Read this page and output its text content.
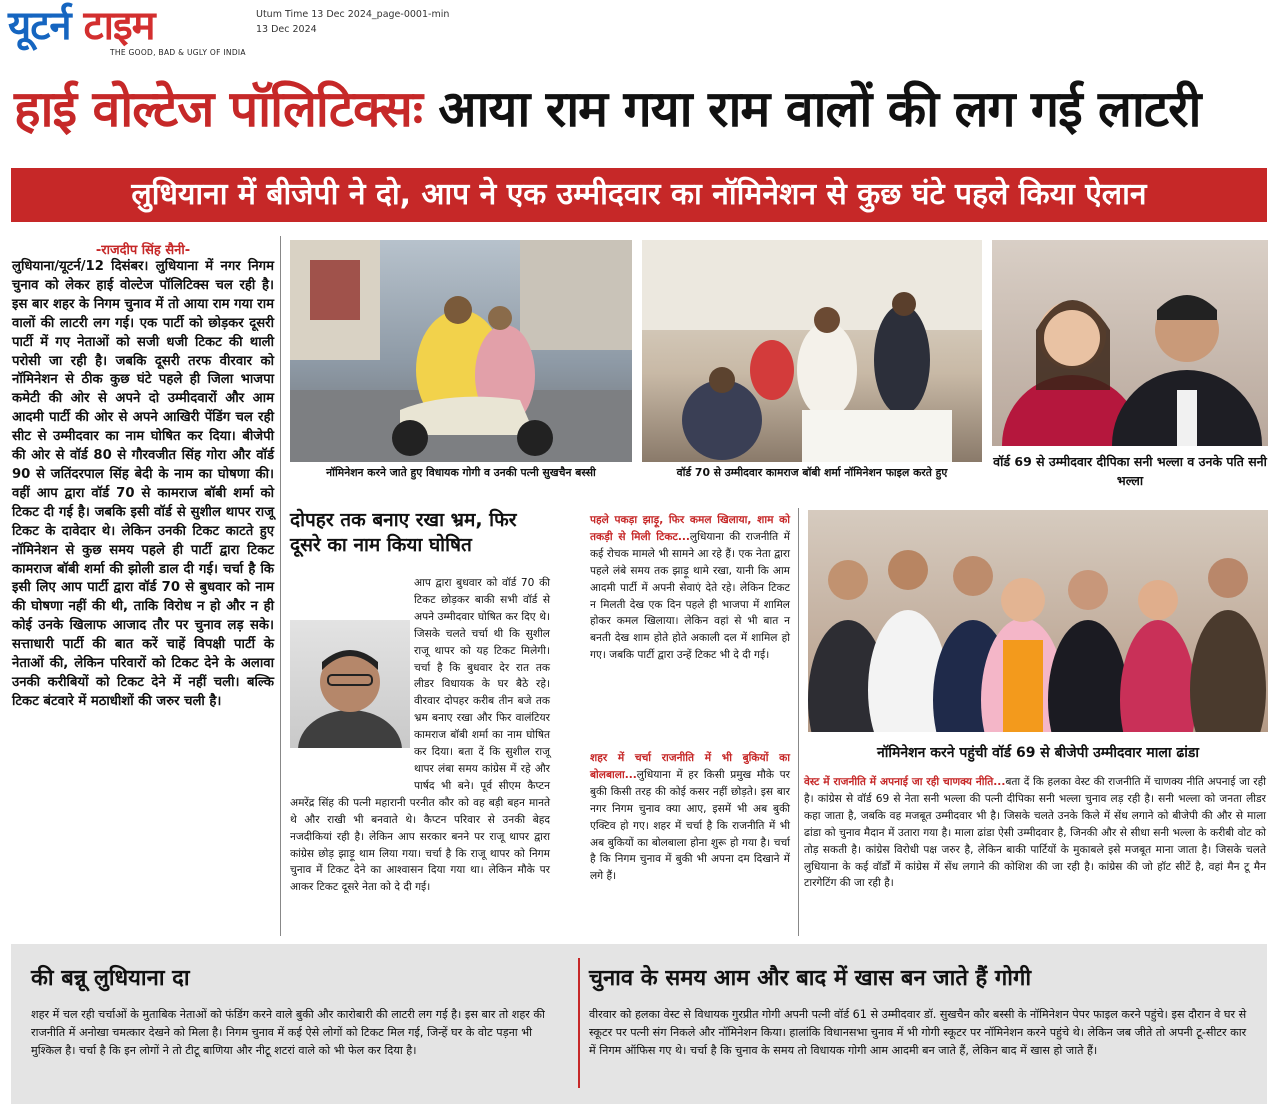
यूटर्न टाइम
THE GOOD, BAD & UGLY OF INDIA
Utum Time 13 Dec 2024_page-0001-min
13 Dec 2024
हाई वोल्टेज पॉलिटिक्सः आया राम गया राम वालों की लग गई लाटरी
लुधियाना में बीजेपी ने दो, आप ने एक उम्मीदवार का नॉमिनेशन से कुछ घंटे पहले किया ऐलान
-राजदीप सिंह सैनी-
लुधियाना/यूटर्न/12 दिसंबर। लुधियाना में नगर निगम चुनाव को लेकर हाई वोल्टेज पॉलिटिक्स चल रही है। इस बार शहर के निगम चुनाव में तो आया राम गया राम वालों की लाटरी लग गई। एक पार्टी को छोड़कर दूसरी पार्टी में गए नेताओं को सजी धजी टिकट की थाली परोसी जा रही है। जबकि दूसरी तरफ वीरवार को नॉमिनेशन से ठीक कुछ घंटे पहले ही जिला भाजपा कमेटी की ओर से अपने दो उम्मीदवारों और आम आदमी पार्टी की ओर से अपने आखिरी पेंडिंग चल रही सीट से उम्मीदवार का नाम घोषित कर दिया। बीजेपी की ओर से वॉर्ड 80 से गौरवजीत सिंह गोरा और वॉर्ड 90 से जतिंदरपाल सिंह बेदी के नाम का घोषणा की। वहीं आप द्वारा वॉर्ड 70 से कामराज बॉबी शर्मा को टिकट दी गई है। जबकि इसी वॉर्ड से सुशील थापर राजू टिकट के दावेदार थे। लेकिन उनकी टिकट काटते हुए नॉमिनेशन से कुछ समय पहले ही पार्टी द्वारा टिकट कामराज बॉबी शर्मा की झोली डाल दी गई। चर्चा है कि इसी लिए आप पार्टी द्वारा वॉर्ड 70 से बुधवार को नाम की घोषणा नहीं की थी, ताकि विरोध न हो और न ही कोई उनके खिलाफ आजाद तौर पर चुनाव लड़ सके। सत्ताधारी पार्टी की बात करें चाहें विपक्षी पार्टी के नेताओं की, लेकिन परिवारों को टिकट देने के अलावा उनकी करीबियों को टिकट देने में नहीं चली। बल्कि टिकट बंटवारे में मठाधीशों की जरुर चली है।
नॉमिनेशन करने जाते हुए विधायक गोगी व उनकी पत्नी सुखचैन बस्सी	वॉर्ड 70 से उम्मीदवार कामराज बॉबी शर्मा नॉमिनेशन फाइल करते हुए
वॉर्ड 69 से उम्मीदवार दीपिका सनी भल्ला व उनके पति सनी भल्ला
दोपहर तक बनाए रखा भ्रम, फिर दूसरे का नाम किया घोषित
आप द्वारा बुधवार को वॉर्ड 70 की टिकट छोड़कर बाकी सभी वॉर्ड से अपने उम्मीदवार घोषित कर दिए थे। जिसके चलते चर्चा थी कि सुशील राजू थापर को यह टिकट मिलेगी। चर्चा है कि बुधवार देर रात तक लीडर विधायक के घर बैठे रहे। वीरवार दोपहर करीब तीन बजे तक भ्रम बनाए रखा और फिर वालंटियर कामराज बॉबी शर्मा का नाम घोषित कर दिया। बता दें कि सुशील राजू थापर लंबा समय कांग्रेस में रहे और पार्षद भी बने। पूर्व सीएम कैप्टन अमरेंद्र सिंह की पत्नी महारानी परनीत कौर को वह बड़ी बहन मानते थे और राखी भी बनवाते थे। कैप्टन परिवार से उनकी बेहद नजदीकियां रही है। लेकिन आप सरकार बनने पर राजू थापर द्वारा कांग्रेस छोड़ झाड़ू थाम लिया गया। चर्चा है कि राजू थापर को निगम चुनाव में टिकट देने का आश्वासन दिया गया था। लेकिन मौके पर आकर टिकट दूसरे नेता को दे दी गई।
पहले पकड़ा झाड़ू, फिर कमल खिलाया, शाम को तकड़ी से मिली टिकट...लुधियाना की राजनीति में कई रोचक मामले भी सामने आ रहे हैं। एक नेता द्वारा पहले लंबे समय तक झाड़ू थामे रखा, यानी कि आम आदमी पार्टी में अपनी सेवाएं देते रहे। लेकिन टिकट न मिलती देख एक दिन पहले ही भाजपा में शामिल होकर कमल खिलाया। लेकिन वहां से भी बात न बनती देख शाम होते होते अकाली दल में शामिल हो गए। जबकि पार्टी द्वारा उन्हें टिकट भी दे दी गई।
शहर में चर्चा राजनीति में भी बुकियों का बोलबाला...लुधियाना में हर किसी प्रमुख मौके पर बुकी किसी तरह की कोई कसर नहीं छोड़ते। इस बार नगर निगम चुनाव क्या आए, इसमें भी अब बुकी एक्टिव हो गए। शहर में चर्चा है कि राजनीति में भी अब बुकियों का बोलबाला होना शुरू हो गया है। चर्चा है कि निगम चुनाव में बुकी भी अपना दम दिखाने में लगे हैं।
नॉमिनेशन करने पहुंची वॉर्ड 69 से बीजेपी उम्मीदवार माला ढांडा
वेस्ट में राजनीति में अपनाई जा रही चाणक्य नीति...बता दें कि हलका वेस्ट की राजनीति में चाणक्य नीति अपनाई जा रही है। कांग्रेस से वॉर्ड 69 से नेता सनी भल्ला की पत्नी दीपिका सनी भल्ला चुनाव लड़ रही है। सनी भल्ला को जनता लीडर कहा जाता है, जबकि वह मजबूत उम्मीदवार भी है। जिसके चलते उनके किले में सेंध लगाने को बीजेपी की और से माला ढांडा को चुनाव मैदान में उतारा गया है। माला ढांडा ऐसी उम्मीदवार है, जिनकी और से सीधा सनी भल्ला के करीबी वोट को तोड़ सकती है। कांग्रेस विरोधी पक्ष जरुर है, लेकिन बाकी पार्टियों के मुकाबले इसे मजबूत माना जाता है। जिसके चलते लुधियाना के कई वॉर्डों में कांग्रेस में सेंध लगाने की कोशिश की जा रही है। कांग्रेस की जो हॉट सीटें है, वहां मैन टू मैन टारगेटिंग की जा रही है।
की बन्नू लुधियाना दा
शहर में चल रही चर्चाओं के मुताबिक नेताओं को फंडिंग करने वाले बुकी और कारोबारी की लाटरी लग गई है। इस बार तो शहर की राजनीति में अनोखा चमत्कार देखने को मिला है। निगम चुनाव में कई ऐसे लोगों को टिकट मिल गई, जिन्हें घर के वोट पड़ना भी मुश्किल है। चर्चा है कि इन लोगों ने तो टीटू बाणिया और नीटू शटरां वाले को भी फेल कर दिया है।
चुनाव के समय आम और बाद में खास बन जाते हैं गोगी
वीरवार को हलका वेस्ट से विधायक गुरप्रीत गोगी अपनी पत्नी वॉर्ड 61 से उम्मीदवार डॉ. सुखचैन कौर बस्सी के नॉमिनेशन पेपर फाइल करने पहुंचे। इस दौरान वे घर से स्कूटर पर पत्नी संग निकले और नॉमिनेशन किया। हालांकि विधानसभा चुनाव में भी गोगी स्कूटर पर नॉमिनेशन करने पहुंचे थे। लेकिन जब जीते तो अपनी टू-सीटर कार में निगम ऑफिस गए थे। चर्चा है कि चुनाव के समय तो विधायक गोगी आम आदमी बन जाते हैं, लेकिन बाद में खास हो जाते हैं।
